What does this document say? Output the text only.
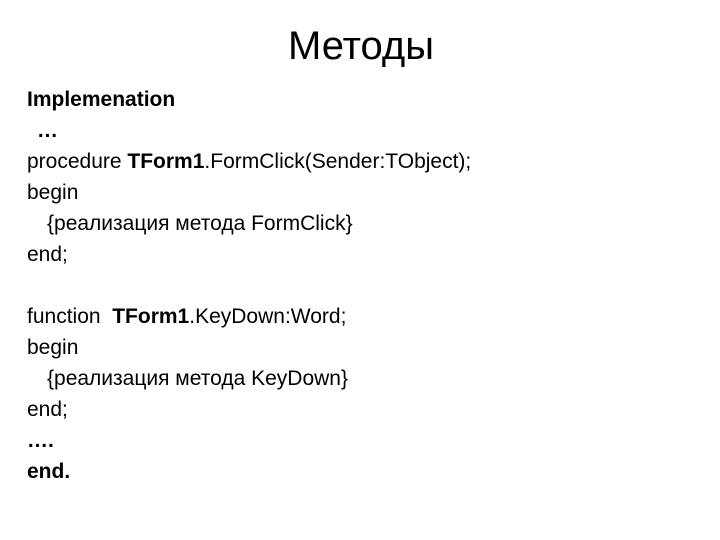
Методы
Implemenation
…
procedure TForm1.FormClick(Sender:TObject);
begin
{реализация метода FormClick}
end;
function  TForm1.KeyDown:Word;
begin
{реализация метода KeyDown}
end;
….
end.
